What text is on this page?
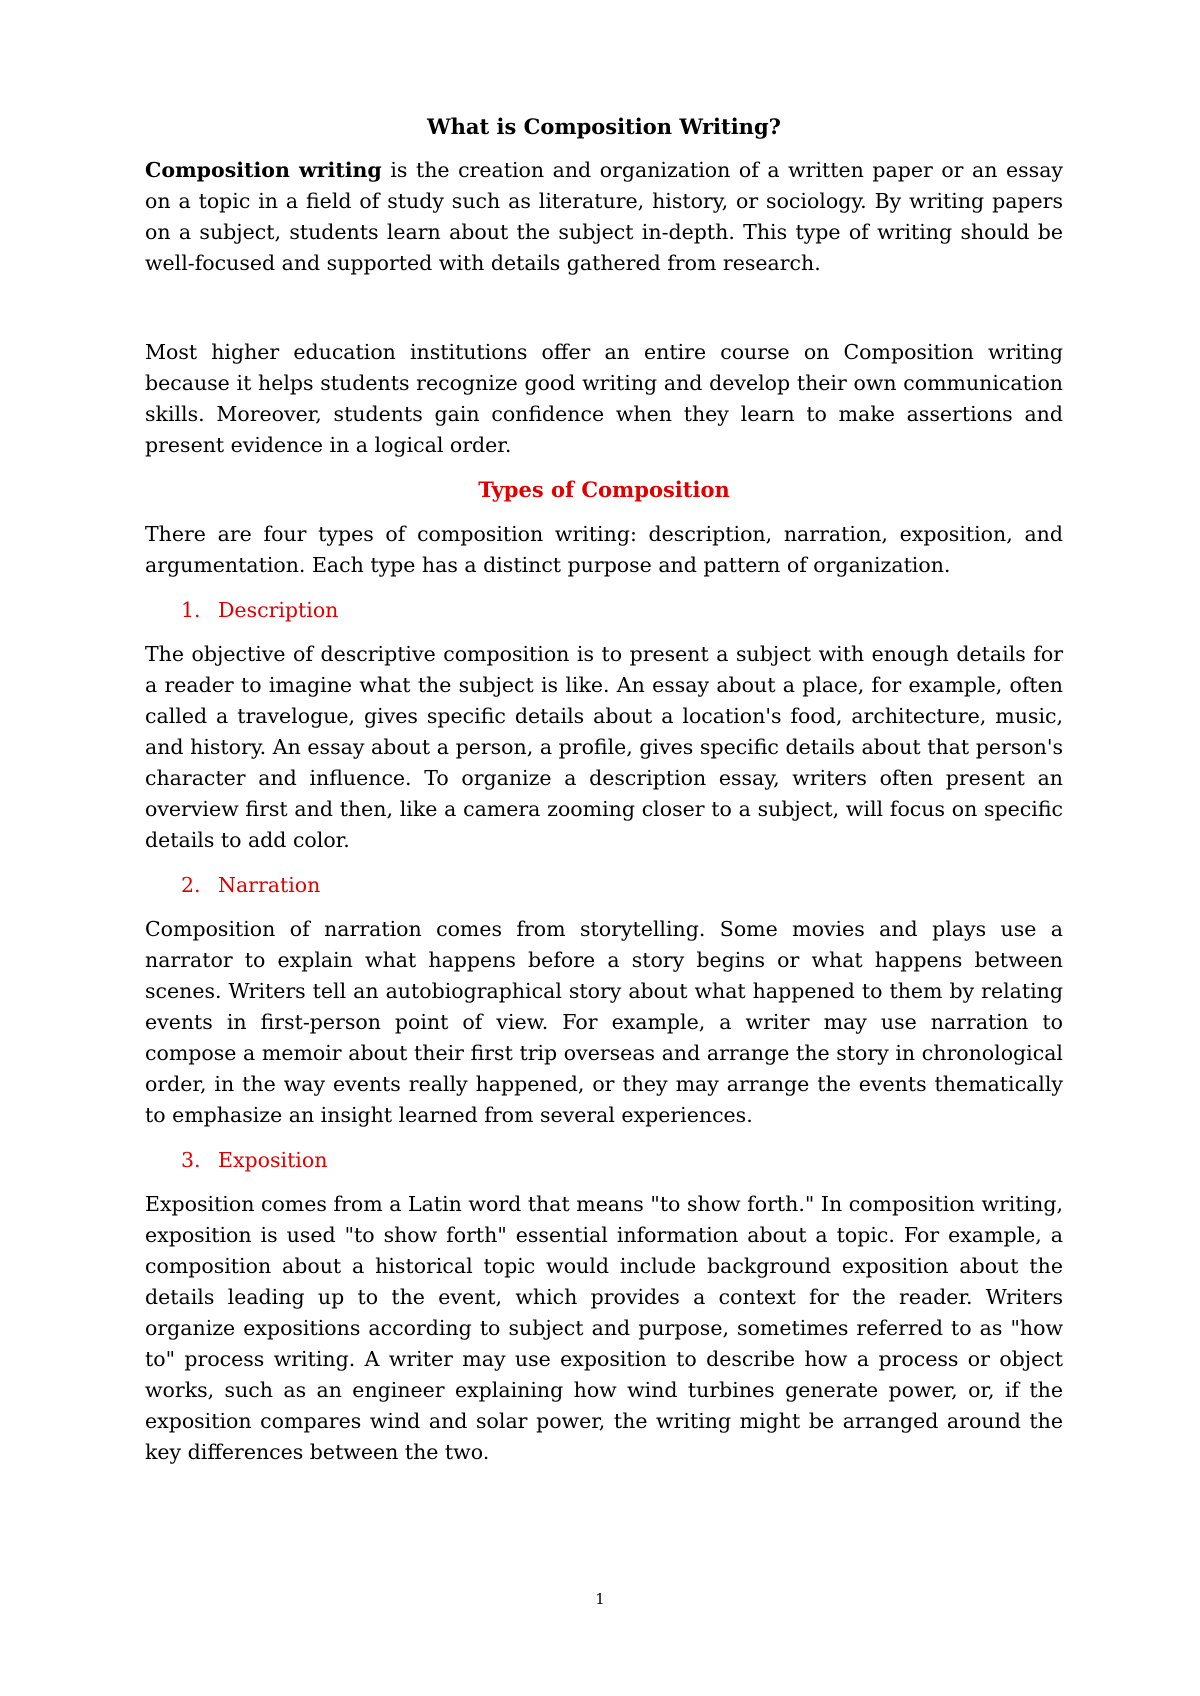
What is Composition Writing?

Composition writing is the creation and organization of a written paper or an essay on a topic in a field of study such as literature, history, or sociology. By writing papers on a subject, students learn about the subject in-depth. This type of writing should be well-focused and supported with details gathered from research.

Most higher education institutions offer an entire course on Composition writing because it helps students recognize good writing and develop their own communication skills. Moreover, students gain confidence when they learn to make assertions and present evidence in a logical order.

Types of Composition

There are four types of composition writing: description, narration, exposition, and argumentation. Each type has a distinct purpose and pattern of organization.

1. Description

The objective of descriptive composition is to present a subject with enough details for a reader to imagine what the subject is like. An essay about a place, for example, often called a travelogue, gives specific details about a location's food, architecture, music, and history. An essay about a person, a profile, gives specific details about that person's character and influence. To organize a description essay, writers often present an overview first and then, like a camera zooming closer to a subject, will focus on specific details to add color.

2. Narration

Composition of narration comes from storytelling. Some movies and plays use a narrator to explain what happens before a story begins or what happens between scenes. Writers tell an autobiographical story about what happened to them by relating events in first-person point of view. For example, a writer may use narration to compose a memoir about their first trip overseas and arrange the story in chronological order, in the way events really happened, or they may arrange the events thematically to emphasize an insight learned from several experiences.

3. Exposition

Exposition comes from a Latin word that means "to show forth." In composition writing, exposition is used "to show forth" essential information about a topic. For example, a composition about a historical topic would include background exposition about the details leading up to the event, which provides a context for the reader. Writers organize expositions according to subject and purpose, sometimes referred to as "how to" process writing. A writer may use exposition to describe how a process or object works, such as an engineer explaining how wind turbines generate power, or, if the exposition compares wind and solar power, the writing might be arranged around the key differences between the two.

1
